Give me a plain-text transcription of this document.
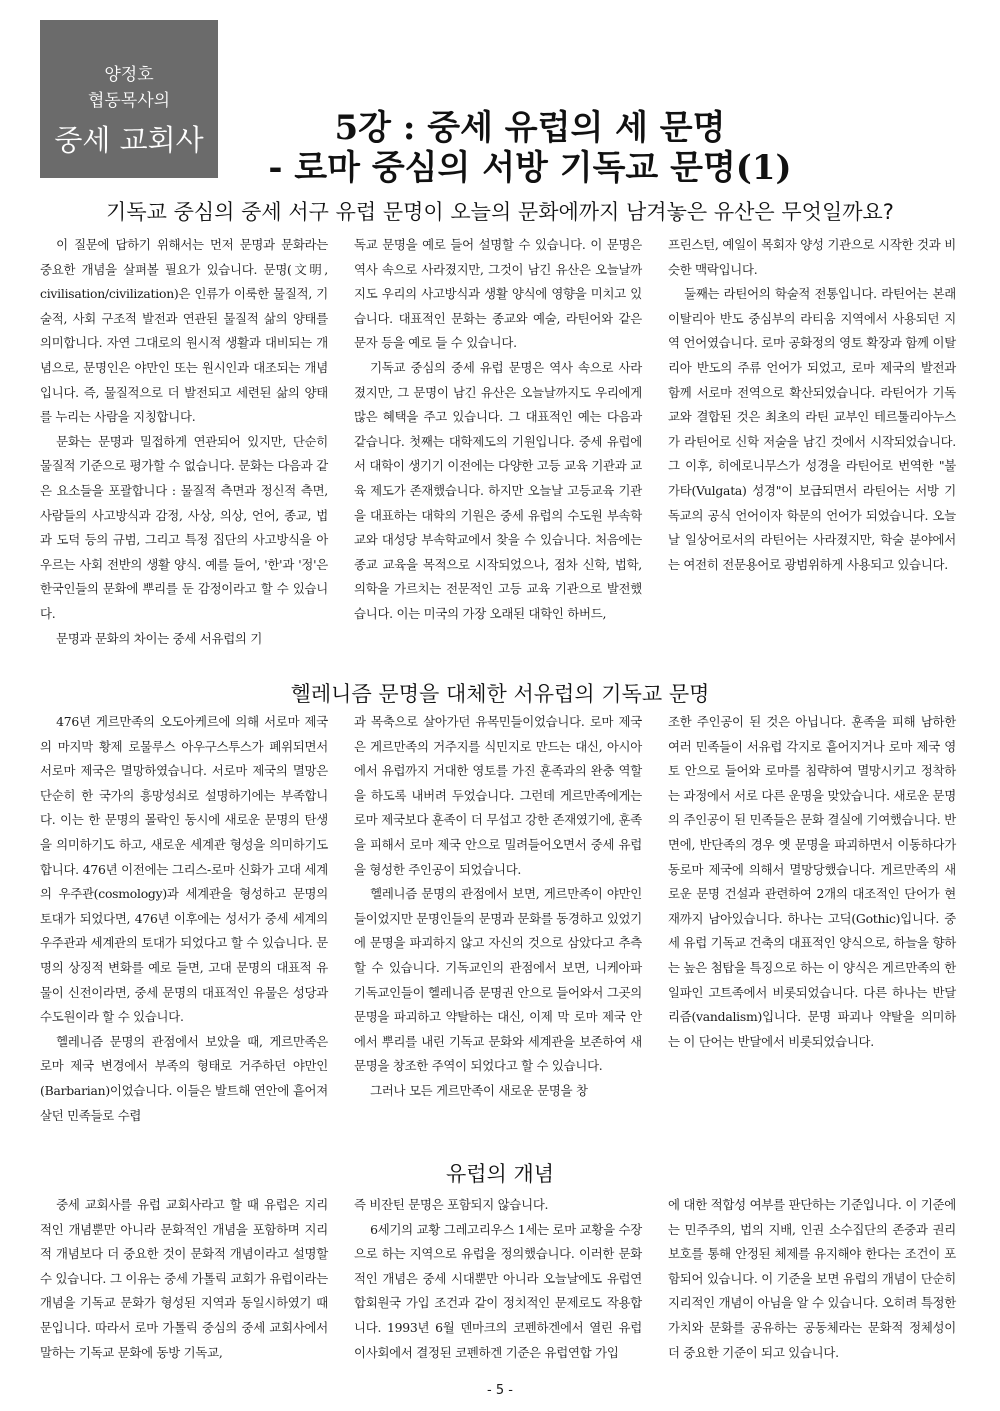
양정호
협동목사의
중세 교회사	5강 : 중세 유럽의 세 문명
- 로마 중심의 서방 기독교 문명(1)
기독교 중심의 중세 서구 유럽 문명이 오늘의 문화에까지 남겨놓은 유산은 무엇일까요?

이 질문에 답하기 위해서는 먼저 문명과 문화라는 중요한 개념을 살펴볼 필요가 있습니다. 문명(文明, civilisation/civilization)은 인류가 이룩한 물질적, 기술적, 사회 구조적 발전과 연관된 물질적 삶의 양태를 의미합니다. 자연 그대로의 원시적 생활과 대비되는 개념으로, 문명인은 야만인 또는 원시인과 대조되는 개념입니다. 즉, 물질적으로 더 발전되고 세련된 삶의 양태를 누리는 사람을 지칭합니다.

문화는 문명과 밀접하게 연관되어 있지만, 단순히 물질적 기준으로 평가할 수 없습니다. 문화는 다음과 같은 요소들을 포괄합니다 : 물질적 측면과 정신적 측면, 사람들의 사고방식과 감정, 사상, 의상, 언어, 종교, 법과 도덕 등의 규범, 그리고 특정 집단의 사고방식을 아우르는 사회 전반의 생활 양식. 예를 들어, '한'과 '정'은 한국인들의 문화에 뿌리를 둔 감정이라고 할 수 있습니다.

문명과 문화의 차이는 중세 서유럽의 기

독교 문명을 예로 들어 설명할 수 있습니다. 이 문명은 역사 속으로 사라졌지만, 그것이 남긴 유산은 오늘날까지도 우리의 사고방식과 생활 양식에 영향을 미치고 있습니다. 대표적인 문화는 종교와 예술, 라틴어와 같은 문자 등을 예로 들 수 있습니다.

기독교 중심의 중세 유럽 문명은 역사 속으로 사라졌지만, 그 문명이 남긴 유산은 오늘날까지도 우리에게 많은 혜택을 주고 있습니다. 그 대표적인 예는 다음과 같습니다. 첫째는 대학제도의 기원입니다. 중세 유럽에서 대학이 생기기 이전에는 다양한 고등 교육 기관과 교육 제도가 존재했습니다. 하지만 오늘날 고등교육 기관을 대표하는 대학의 기원은 중세 유럽의 수도원 부속학교와 대성당 부속학교에서 찾을 수 있습니다. 처음에는 종교 교육을 목적으로 시작되었으나, 점차 신학, 법학, 의학을 가르치는 전문적인 고등 교육 기관으로 발전했습니다. 이는 미국의 가장 오래된 대학인 하버드,

프린스턴, 예일이 목회자 양성 기관으로 시작한 것과 비슷한 맥락입니다.

둘째는 라틴어의 학술적 전통입니다. 라틴어는 본래 이탈리아 반도 중심부의 라티움 지역에서 사용되던 지역 언어였습니다. 로마 공화정의 영토 확장과 함께 이탈리아 반도의 주류 언어가 되었고, 로마 제국의 발전과 함께 서로마 전역으로 확산되었습니다. 라틴어가 기독교와 결합된 것은 최초의 라틴 교부인 테르툴리아누스가 라틴어로 신학 저술을 남긴 것에서 시작되었습니다. 그 이후, 히에로니무스가 성경을 라틴어로 번역한 "불가타(Vulgata) 성경"이 보급되면서 라틴어는 서방 기독교의 공식 언어이자 학문의 언어가 되었습니다. 오늘날 일상어로서의 라틴어는 사라졌지만, 학술 분야에서는 여전히 전문용어로 광범위하게 사용되고 있습니다.

헬레니즘 문명을 대체한 서유럽의 기독교 문명

476년 게르만족의 오도아케르에 의해 서로마 제국의 마지막 황제 로물루스 아우구스투스가 폐위되면서 서로마 제국은 멸망하였습니다. 서로마 제국의 멸망은 단순히 한 국가의 흥망성쇠로 설명하기에는 부족합니다. 이는 한 문명의 몰락인 동시에 새로운 문명의 탄생을 의미하기도 하고, 새로운 세계관 형성을 의미하기도 합니다. 476년 이전에는 그리스-로마 신화가 고대 세계의 우주관(cosmology)과 세계관을 형성하고 문명의 토대가 되었다면, 476년 이후에는 성서가 중세 세계의 우주관과 세계관의 토대가 되었다고 할 수 있습니다. 문명의 상징적 변화를 예로 들면, 고대 문명의 대표적 유물이 신전이라면, 중세 문명의 대표적인 유물은 성당과 수도원이라 할 수 있습니다.

헬레니즘 문명의 관점에서 보았을 때, 게르만족은 로마 제국 변경에서 부족의 형태로 거주하던 야만인(Barbarian)이었습니다. 이들은 발트해 연안에 흩어져 살던 민족들로 수렵

과 목축으로 살아가던 유목민들이었습니다. 로마 제국은 게르만족의 거주지를 식민지로 만드는 대신, 아시아에서 유럽까지 거대한 영토를 가진 훈족과의 완충 역할을 하도록 내버려 두었습니다. 그런데 게르만족에게는 로마 제국보다 훈족이 더 무섭고 강한 존재였기에, 훈족을 피해서 로마 제국 안으로 밀려들어오면서 중세 유럽을 형성한 주인공이 되었습니다.

헬레니즘 문명의 관점에서 보면, 게르만족이 야만인들이었지만 문명인들의 문명과 문화를 동경하고 있었기에 문명을 파괴하지 않고 자신의 것으로 삼았다고 추측할 수 있습니다. 기독교인의 관점에서 보면, 니케아파 기독교인들이 헬레니즘 문명권 안으로 들어와서 그곳의 문명을 파괴하고 약탈하는 대신, 이제 막 로마 제국 안에서 뿌리를 내린 기독교 문화와 세계관을 보존하여 새 문명을 창조한 주역이 되었다고 할 수 있습니다.

그러나 모든 게르만족이 새로운 문명을 창

조한 주인공이 된 것은 아닙니다. 훈족을 피해 남하한 여러 민족들이 서유럽 각지로 흩어지거나 로마 제국 영토 안으로 들어와 로마를 침략하여 멸망시키고 정착하는 과정에서 서로 다른 운명을 맞았습니다. 새로운 문명의 주인공이 된 민족들은 문화 결실에 기여했습니다. 반면에, 반단족의 경우 옛 문명을 파괴하면서 이동하다가 동로마 제국에 의해서 멸망당했습니다. 게르만족의 새로운 문명 건설과 관련하여 2개의 대조적인 단어가 현재까지 남아있습니다. 하나는 고딕(Gothic)입니다. 중세 유럽 기독교 건축의 대표적인 양식으로, 하늘을 향하는 높은 첨탑을 특징으로 하는 이 양식은 게르만족의 한 일파인 고트족에서 비롯되었습니다. 다른 하나는 반달리즘(vandalism)입니다. 문명 파괴나 약탈을 의미하는 이 단어는 반달에서 비롯되었습니다.

유럽의 개념

중세 교회사를 유럽 교회사라고 할 때 유럽은 지리적인 개념뿐만 아니라 문화적인 개념을 포함하며 지리적 개념보다 더 중요한 것이 문화적 개념이라고 설명할 수 있습니다. 그 이유는 중세 가톨릭 교회가 유럽이라는 개념을 기독교 문화가 형성된 지역과 동일시하였기 때문입니다. 따라서 로마 가톨릭 중심의 중세 교회사에서 말하는 기독교 문화에 동방 기독교,

즉 비잔틴 문명은 포함되지 않습니다.

6세기의 교황 그레고리우스 1세는 로마 교황을 수장으로 하는 지역으로 유럽을 정의했습니다. 이러한 문화적인 개념은 중세 시대뿐만 아니라 오늘날에도 유럽연합회원국 가입 조건과 같이 정치적인 문제로도 작용합니다. 1993년 6월 덴마크의 코펜하겐에서 열린 유럽 이사회에서 결정된 코펜하겐 기준은 유럽연합 가입

에 대한 적합성 여부를 판단하는 기준입니다. 이 기준에는 민주주의, 법의 지배, 인권 소수집단의 존중과 권리보호를 통해 안정된 체제를 유지해야 한다는 조건이 포함되어 있습니다. 이 기준을 보면 유럽의 개념이 단순히 지리적인 개념이 아님을 알 수 있습니다. 오히려 특정한 가치와 문화를 공유하는 공동체라는 문화적 정체성이 더 중요한 기준이 되고 있습니다.

- 5 -
